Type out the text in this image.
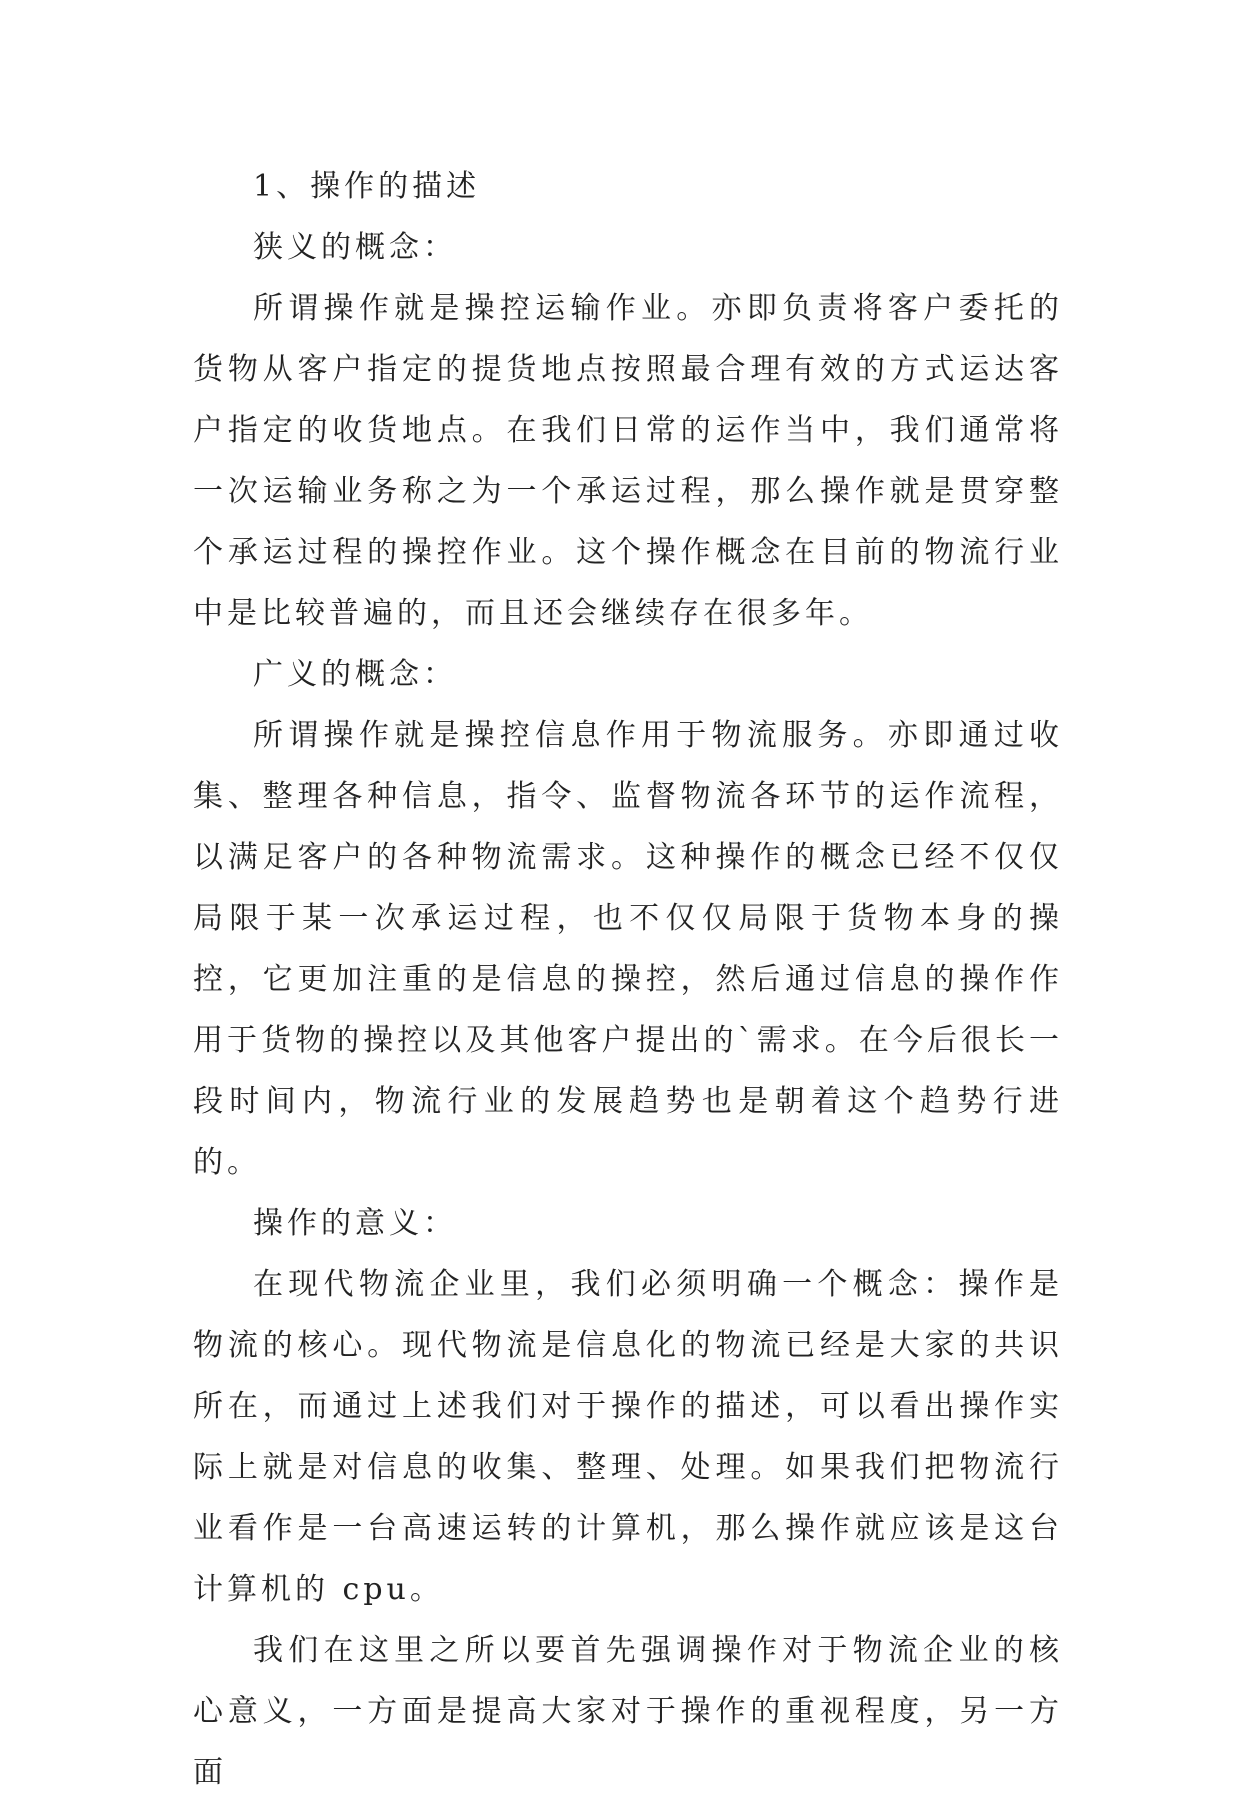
1、操作的描述

狭义的概念：

所谓操作就是操控运输作业。亦即负责将客户委托的货物从客户指定的提货地点按照最合理有效的方式运达客户指定的收货地点。在我们日常的运作当中，我们通常将一次运输业务称之为一个承运过程，那么操作就是贯穿整个承运过程的操控作业。这个操作概念在目前的物流行业中是比较普遍的，而且还会继续存在很多年。

广义的概念：

所谓操作就是操控信息作用于物流服务。亦即通过收集、整理各种信息，指令、监督物流各环节的运作流程，以满足客户的各种物流需求。这种操作的概念已经不仅仅局限于某一次承运过程，也不仅仅局限于货物本身的操控，它更加注重的是信息的操控，然后通过信息的操作作用于货物的操控以及其他客户提出的`需求。在今后很长一段时间内，物流行业的发展趋势也是朝着这个趋势行进的。

操作的意义：

在现代物流企业里，我们必须明确一个概念：操作是物流的核心。现代物流是信息化的物流已经是大家的共识所在，而通过上述我们对于操作的描述，可以看出操作实际上就是对信息的收集、整理、处理。如果我们把物流行业看作是一台高速运转的计算机，那么操作就应该是这台计算机的 cpu。

我们在这里之所以要首先强调操作对于物流企业的核心意义，一方面是提高大家对于操作的重视程度，另一方面
